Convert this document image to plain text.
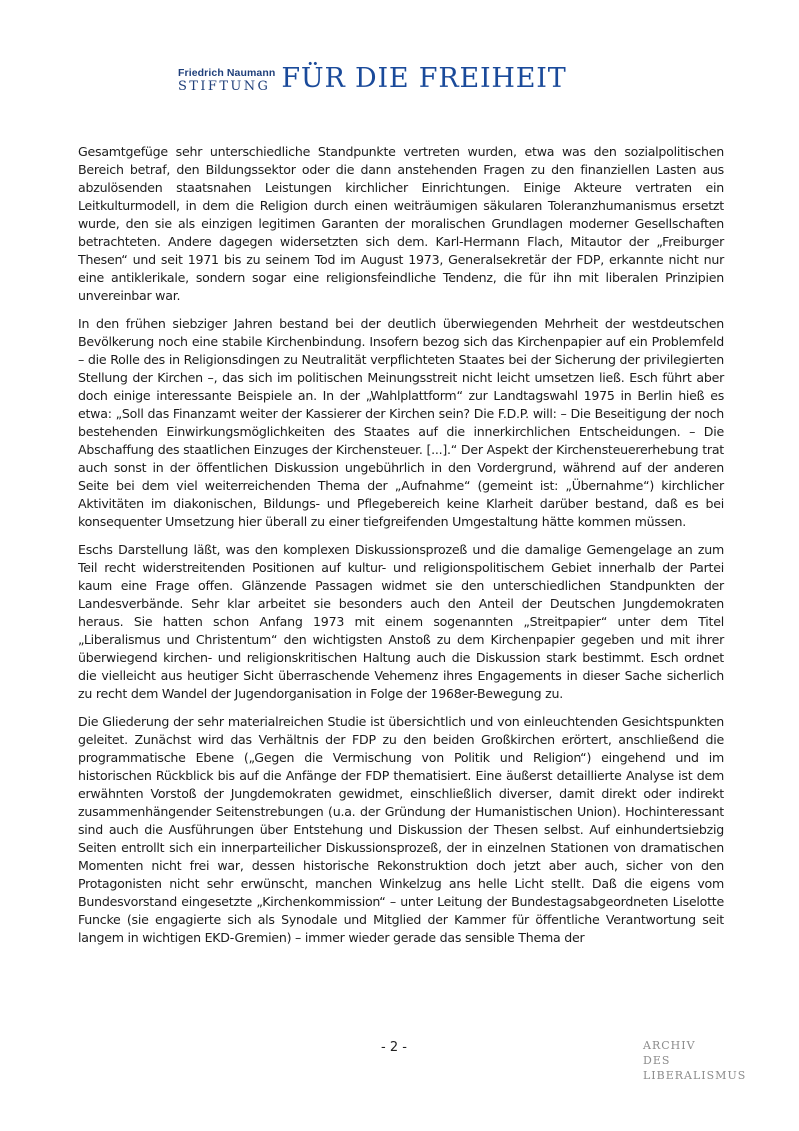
Friedrich Naumann
STIFTUNG FÜR DIE FREIHEIT

Gesamtgefüge sehr unterschiedliche Standpunkte vertreten wurden, etwa was den sozialpolitischen Bereich betraf, den Bildungssektor oder die dann anstehenden Fragen zu den finanziellen Lasten aus abzulösenden staatsnahen Leistungen kirchlicher Einrichtungen. Einige Akteure vertraten ein Leitkulturmodell, in dem die Religion durch einen weiträumigen säkularen Toleranzhumanismus ersetzt wurde, den sie als einzigen legitimen Garanten der moralischen Grundlagen moderner Gesellschaften betrachteten. Andere dagegen widersetzten sich dem. Karl-Hermann Flach, Mitautor der „Freiburger Thesen“ und seit 1971 bis zu seinem Tod im August 1973, Generalsekretär der FDP, erkannte nicht nur eine antiklerikale, sondern sogar eine religionsfeindliche Tendenz, die für ihn mit liberalen Prinzipien unvereinbar war.

In den frühen siebziger Jahren bestand bei der deutlich überwiegenden Mehrheit der westdeutschen Bevölkerung noch eine stabile Kirchenbindung. Insofern bezog sich das Kirchenpapier auf ein Problemfeld – die Rolle des in Religionsdingen zu Neutralität verpflichteten Staates bei der Sicherung der privilegierten Stellung der Kirchen –, das sich im politischen Meinungsstreit nicht leicht umsetzen ließ. Esch führt aber doch einige interessante Beispiele an. In der „Wahlplattform“ zur Landtagswahl 1975 in Berlin hieß es etwa: „Soll das Finanzamt weiter der Kassierer der Kirchen sein? Die F.D.P. will: – Die Beseitigung der noch bestehenden Einwirkungsmöglichkeiten des Staates auf die innerkirchlichen Entscheidungen. – Die Abschaffung des staatlichen Einzuges der Kirchensteuer. [...].“ Der Aspekt der Kirchensteuererhebung trat auch sonst in der öffentlichen Diskussion ungebührlich in den Vordergrund, während auf der anderen Seite bei dem viel weiterreichenden Thema der „Aufnahme“ (gemeint ist: „Übernahme“) kirchlicher Aktivitäten im diakonischen, Bildungs- und Pflegebereich keine Klarheit darüber bestand, daß es bei konsequenter Umsetzung hier überall zu einer tiefgreifenden Umgestaltung hätte kommen müssen.

Eschs Darstellung läßt, was den komplexen Diskussionsprozeß und die damalige Gemengelage an zum Teil recht widerstreitenden Positionen auf kultur- und religionspolitischem Gebiet innerhalb der Partei kaum eine Frage offen. Glänzende Passagen widmet sie den unterschiedlichen Standpunkten der Landesverbände. Sehr klar arbeitet sie besonders auch den Anteil der Deutschen Jungdemokraten heraus. Sie hatten schon Anfang 1973 mit einem sogenannten „Streitpapier“ unter dem Titel „Liberalismus und Christentum“ den wichtigsten Anstoß zu dem Kirchenpapier gegeben und mit ihrer überwiegend kirchen- und religionskritischen Haltung auch die Diskussion stark bestimmt. Esch ordnet die vielleicht aus heutiger Sicht überraschende Vehemenz ihres Engagements in dieser Sache sicherlich zu recht dem Wandel der Jugendorganisation in Folge der 1968er-Bewegung zu.

Die Gliederung der sehr materialreichen Studie ist übersichtlich und von einleuchtenden Gesichtspunkten geleitet. Zunächst wird das Verhältnis der FDP zu den beiden Großkirchen erörtert, anschließend die programmatische Ebene („Gegen die Vermischung von Politik und Religion“) eingehend und im historischen Rückblick bis auf die Anfänge der FDP thematisiert. Eine äußerst detaillierte Analyse ist dem erwähnten Vorstoß der Jungdemokraten gewidmet, einschließlich diverser, damit direkt oder indirekt zusammenhängender Seitenstrebungen (u.a. der Gründung der Humanistischen Union). Hochinteressant sind auch die Ausführungen über Entstehung und Diskussion der Thesen selbst. Auf einhundertsiebzig Seiten entrollt sich ein innerparteilicher Diskussionsprozeß, der in einzelnen Stationen von dramatischen Momenten nicht frei war, dessen historische Rekonstruktion doch jetzt aber auch, sicher von den Protagonisten nicht sehr erwünscht, manchen Winkelzug ans helle Licht stellt. Daß die eigens vom Bundesvorstand eingesetzte „Kirchenkommission“ – unter Leitung der Bundestagsabgeordneten Liselotte Funcke (sie engagierte sich als Synodale und Mitglied der Kammer für öffentliche Verantwortung seit langem in wichtigen EKD-Gremien) – immer wieder gerade das sensible Thema der

- 2 -	ARCHIV
DES
LIBERALISMUS
